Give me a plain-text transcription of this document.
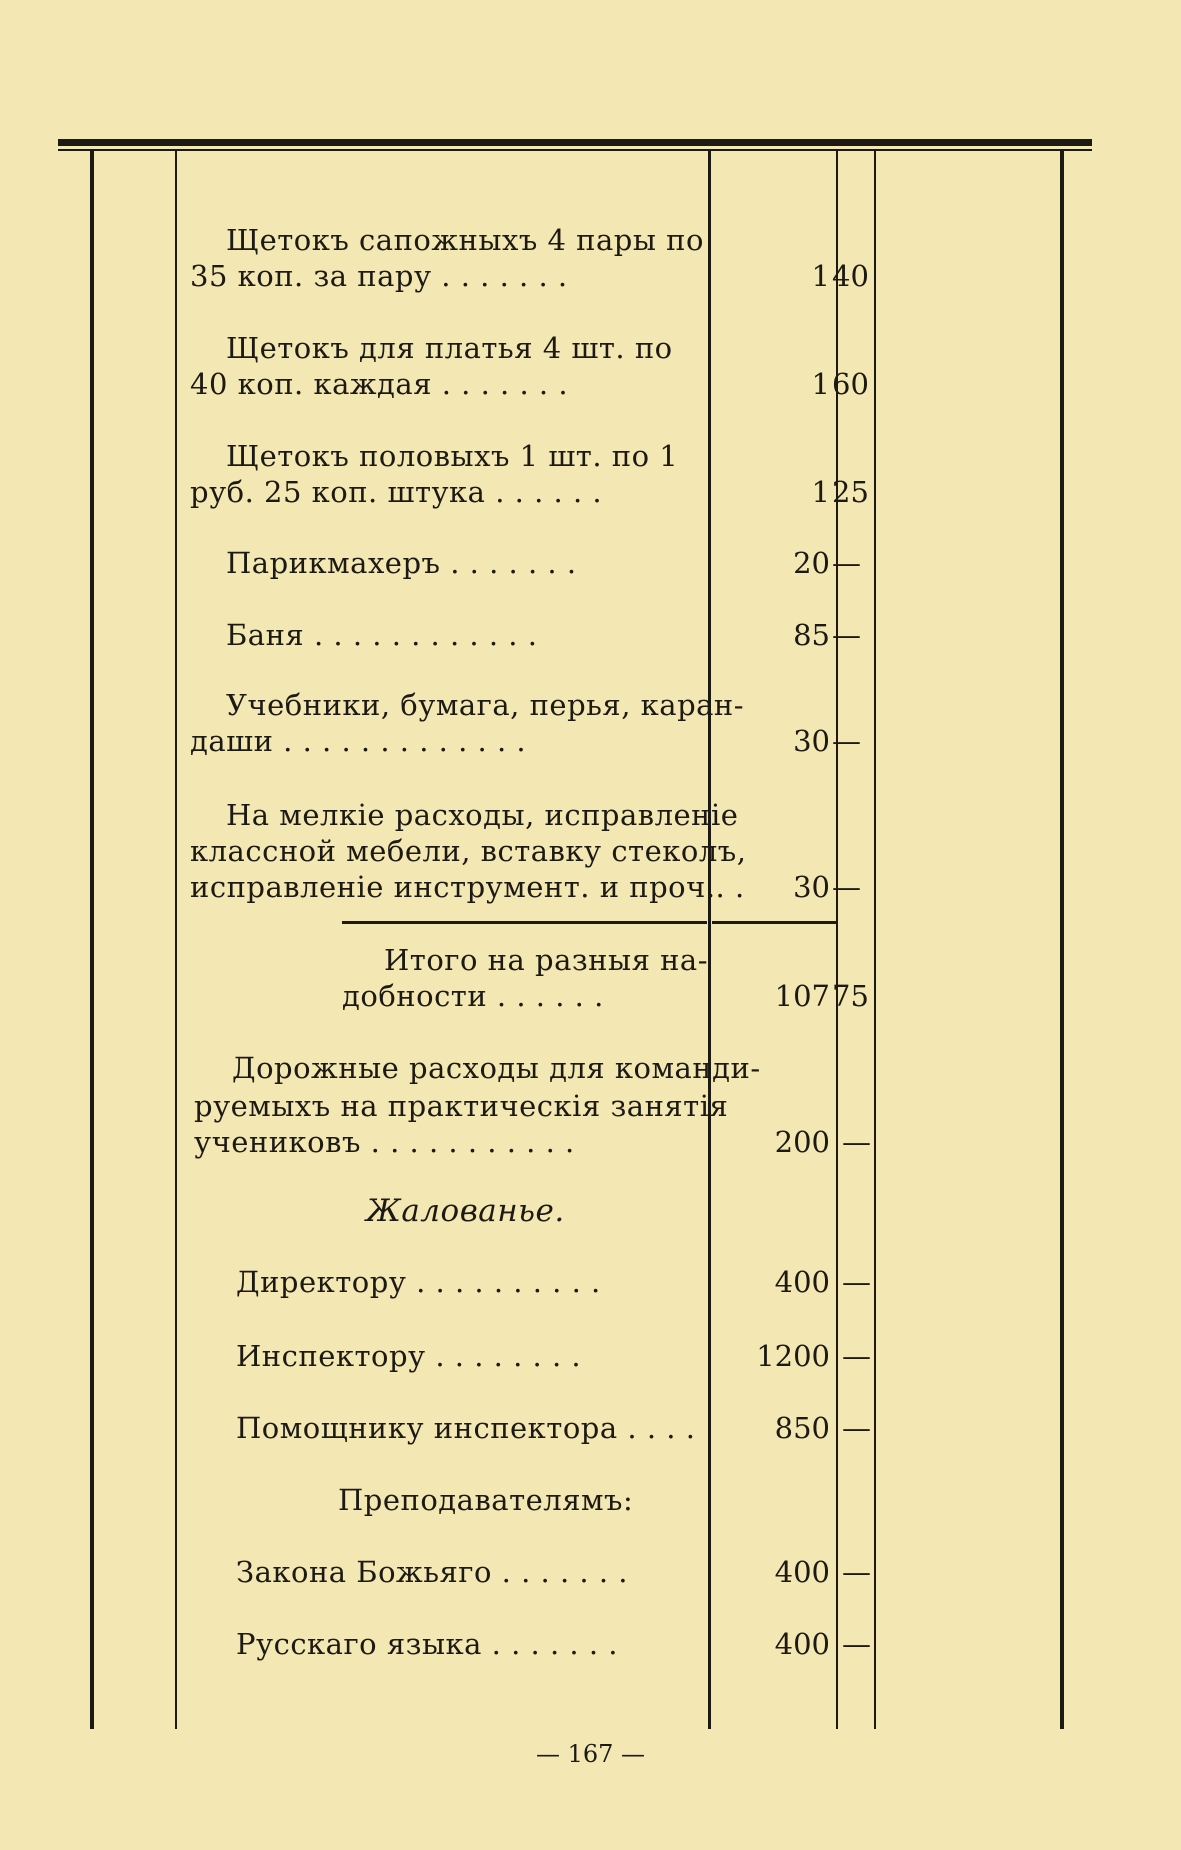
Щетокъ сапожныхъ 4 пары по
35 коп. за пару . . . . . . .	1 40
Щетокъ для платья 4 шт. по
40 коп. каждая . . . . . . .	1 60
Щетокъ половыхъ 1 шт. по 1
руб. 25 коп. штука . . . . . .	1 25
Парикмахеръ . . . . . . .	20 —
Баня . . . . . . . . . . . .	85 —
Учебники, бумага, перья, каран-
даши . . . . . . . . . . . . .	30 —
На мелкіе расходы, исправленіе
классной мебели, вставку стеколъ,
исправленіе инструмент. и проч.. .	30 —
Итого на разныя на-
добности . . . . . .	107 75
Дорожные расходы для команди-
руемыхъ на практическія занятія
учениковъ . . . . . . . . . . .	200 —
Жалованье.
Директору . . . . . . . . . .	400 —
Инспектору . . . . . . . .	1200 —
Помощнику инспектора . . . .	850 —
Преподавателямъ:
Закона Божьяго . . . . . . .	400 —
Русскаго языка . . . . . . .	400 —
— 167 —
